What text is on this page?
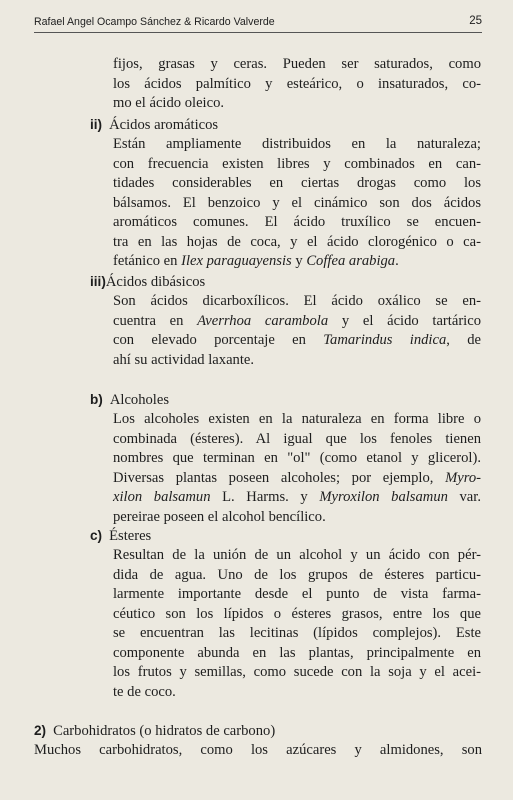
Rafael Angel Ocampo Sánchez & Ricardo Valverde	25
fijos, grasas y ceras. Pueden ser saturados, como
los ácidos palmítico y esteárico, o insaturados, co-
mo el ácido oleico.
ii) Ácidos aromáticos
Están ampliamente distribuidos en la naturaleza;
con frecuencia existen libres y combinados en can-
tidades considerables en ciertas drogas como los
bálsamos. El benzoico y el cinámico son dos ácidos
aromáticos comunes. El ácido truxílico se encuen-
tra en las hojas de coca, y el ácido clorogénico o ca-
fetánico en Ilex paraguayensis y Coffea arabiga.
iii)Ácidos dibásicos
Son ácidos dicarboxílicos. El ácido oxálico se en-
cuentra en Averrhoa carambola y el ácido tartárico
con elevado porcentaje en Tamarindus indica, de
ahí su actividad laxante.
b) Alcoholes
Los alcoholes existen en la naturaleza en forma libre o
combinada (ésteres). Al igual que los fenoles tienen
nombres que terminan en "ol" (como etanol y glicerol).
Diversas plantas poseen alcoholes; por ejemplo, Myro-
xilon balsamun L. Harms. y Myroxilon balsamun var.
pereirae poseen el alcohol bencílico.
c) Ésteres
Resultan de la unión de un alcohol y un ácido con pér-
dida de agua. Uno de los grupos de ésteres particu-
larmente importante desde el punto de vista farma-
céutico son los lípidos o ésteres grasos, entre los que
se encuentran las lecitinas (lípidos complejos). Este
componente abunda en las plantas, principalmente en
los frutos y semillas, como sucede con la soja y el acei-
te de coco.
2) Carbohidratos (o hidratos de carbono)
Muchos carbohidratos, como los azúcares y almidones, son
